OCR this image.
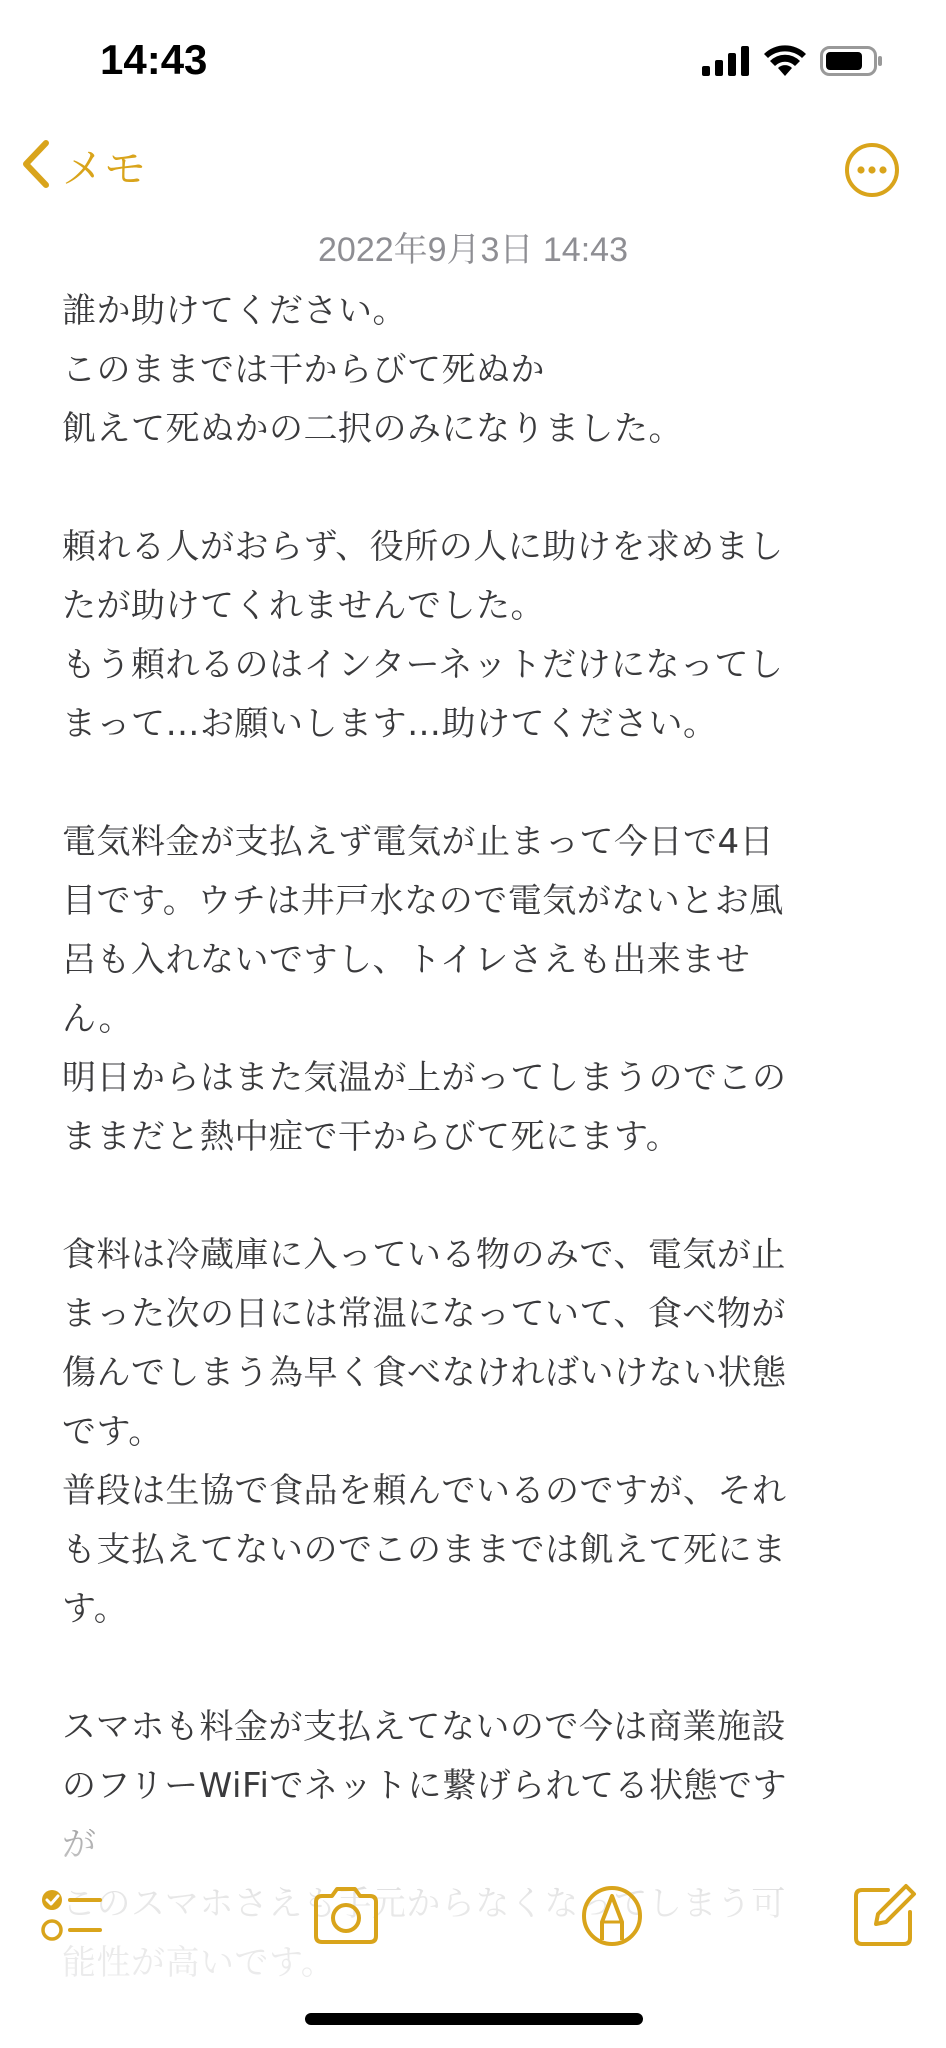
14:43
メモ
2022年9月3日 14:43
誰か助けてください。
このままでは干からびて死ぬか
飢えて死ぬかの二択のみになりました。
頼れる人がおらず、役所の人に助けを求めまし
たが助けてくれませんでした。
もう頼れるのはインターネットだけになってし
まって…お願いします…助けてください。
電気料金が支払えず電気が止まって今日で4日
目です。ウチは井戸水なので電気がないとお風
呂も入れないですし、トイレさえも出来ませ
ん。
明日からはまた気温が上がってしまうのでこの
ままだと熱中症で干からびて死にます。
食料は冷蔵庫に入っている物のみで、電気が止
まった次の日には常温になっていて、食べ物が
傷んでしまう為早く食べなければいけない状態
です。
普段は生協で食品を頼んでいるのですが、それ
も支払えてないのでこのままでは飢えて死にま
す。
スマホも料金が支払えてないので今は商業施設
のフリーWiFiでネットに繋げられてる状態です
